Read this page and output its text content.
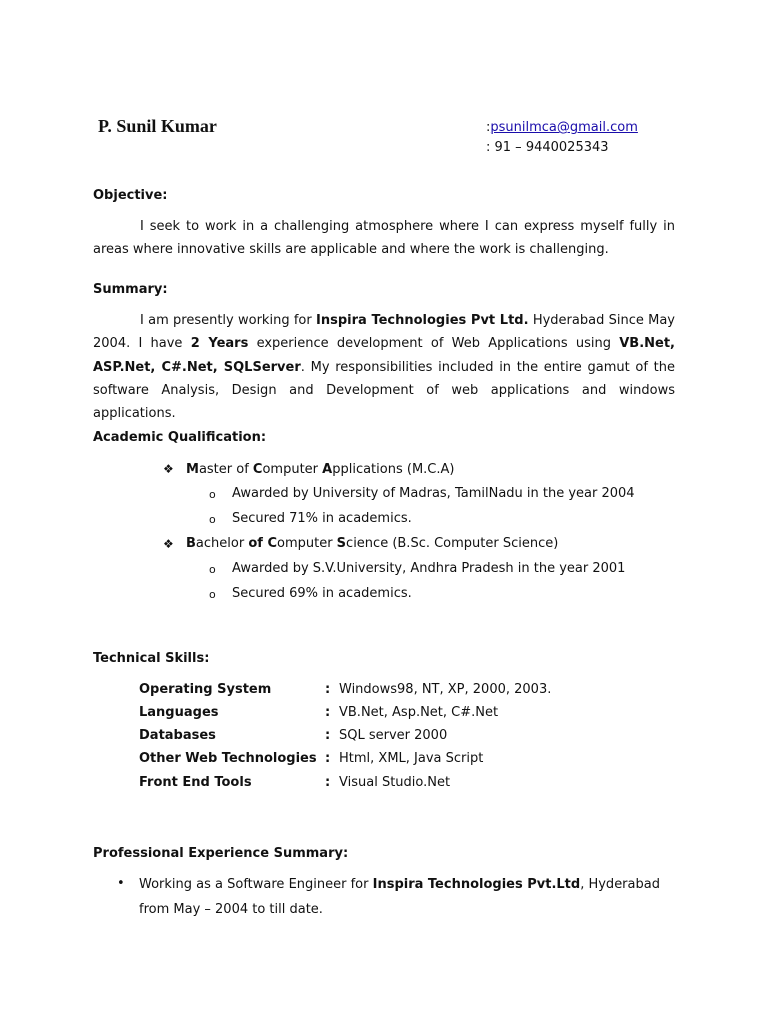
P. Sunil Kumar	:psunilmca@gmail.com
: 91 – 9440025343
Objective:
I seek to work in a challenging atmosphere where I can express myself fully in areas where innovative skills are applicable and where the work is challenging.
Summary:
I am presently working for Inspira Technologies Pvt Ltd. Hyderabad Since May 2004. I have 2 Years experience development of Web Applications using VB.Net, ASP.Net, C#.Net, SQLServer. My responsibilities included in the entire gamut of the software Analysis, Design and Development of web applications and windows applications.
Academic Qualification:
❖ Master of Computer Applications (M.C.A)
o Awarded by University of Madras, TamilNadu in the year 2004
o Secured 71% in academics.
❖ Bachelor of Computer Science (B.Sc. Computer Science)
o Awarded by S.V.University, Andhra Pradesh in the year 2001
o Secured 69% in academics.
Technical Skills:
Operating System	: Windows98, NT, XP, 2000, 2003.
Languages	: VB.Net, Asp.Net, C#.Net
Databases	: SQL server 2000
Other Web Technologies : Html, XML, Java Script
Front End Tools	: Visual Studio.Net
Professional Experience Summary:
• Working as a Software Engineer for Inspira Technologies Pvt.Ltd, Hyderabad from May – 2004 to till date.
